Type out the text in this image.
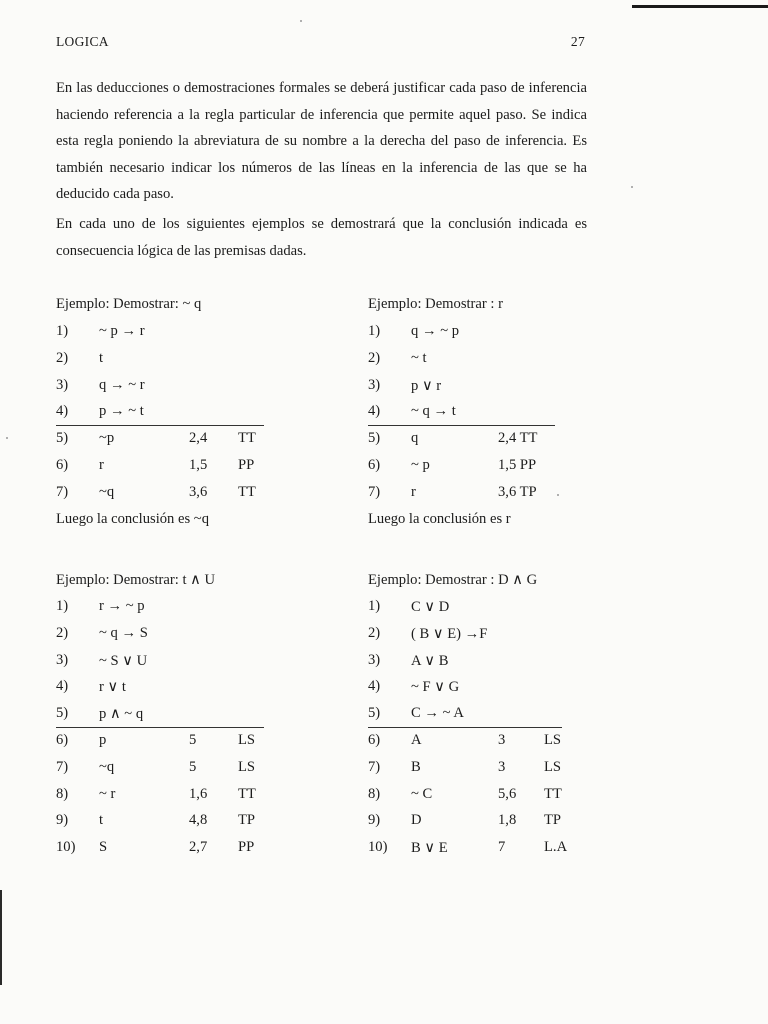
LOGICA	27
En las deducciones o demostraciones formales se deberá justificar cada paso de inferencia haciendo referencia a la regla particular de inferencia que permite aquel paso. Se indica esta regla poniendo la abreviatura de su nombre a la derecha del paso de inferencia. Es también necesario indicar los números de las líneas en la inferencia de las que se ha deducido cada paso.
En cada uno de los siguientes ejemplos se demostrará que la conclusión indicada es consecuencia lógica de las premisas dadas.
Ejemplo: Demostrar: ~ q
1) ~ p → r
2) t
3) q → ~ r
4) p → ~ t
5) ~p	2,4 TT
6) r	1,5 PP
7) ~q	3,6 TT
Luego la conclusión es ~q
Ejemplo: Demostrar : r
1) q → ~ p
2) ~ t
3) p ∨ r
4) ~ q → t
5) q	2,4 TT
6) ~ p	1,5 PP
7) r	3,6 TP
Luego la conclusión es r
Ejemplo: Demostrar: t ∧ U
1) r → ~ p
2) ~ q → S
3) ~ S ∨ U
4) r ∨ t
5) p ∧ ~ q
6) p	5	LS
7) ~q	5	LS
8) ~ r	1,6 TT
9) t	4,8 TP
10) S	2,7 PP
Ejemplo: Demostrar : D ∧ G
1) C ∨ D
2) ( B ∨ E) →F
3) A ∨ B
4) ~ F ∨ G
5) C → ~ A
6) A	3	LS
7) B	3	LS
8) ~ C	5,6 TT
9) D	1,8 TP
10) B ∨ E	7	L.A
